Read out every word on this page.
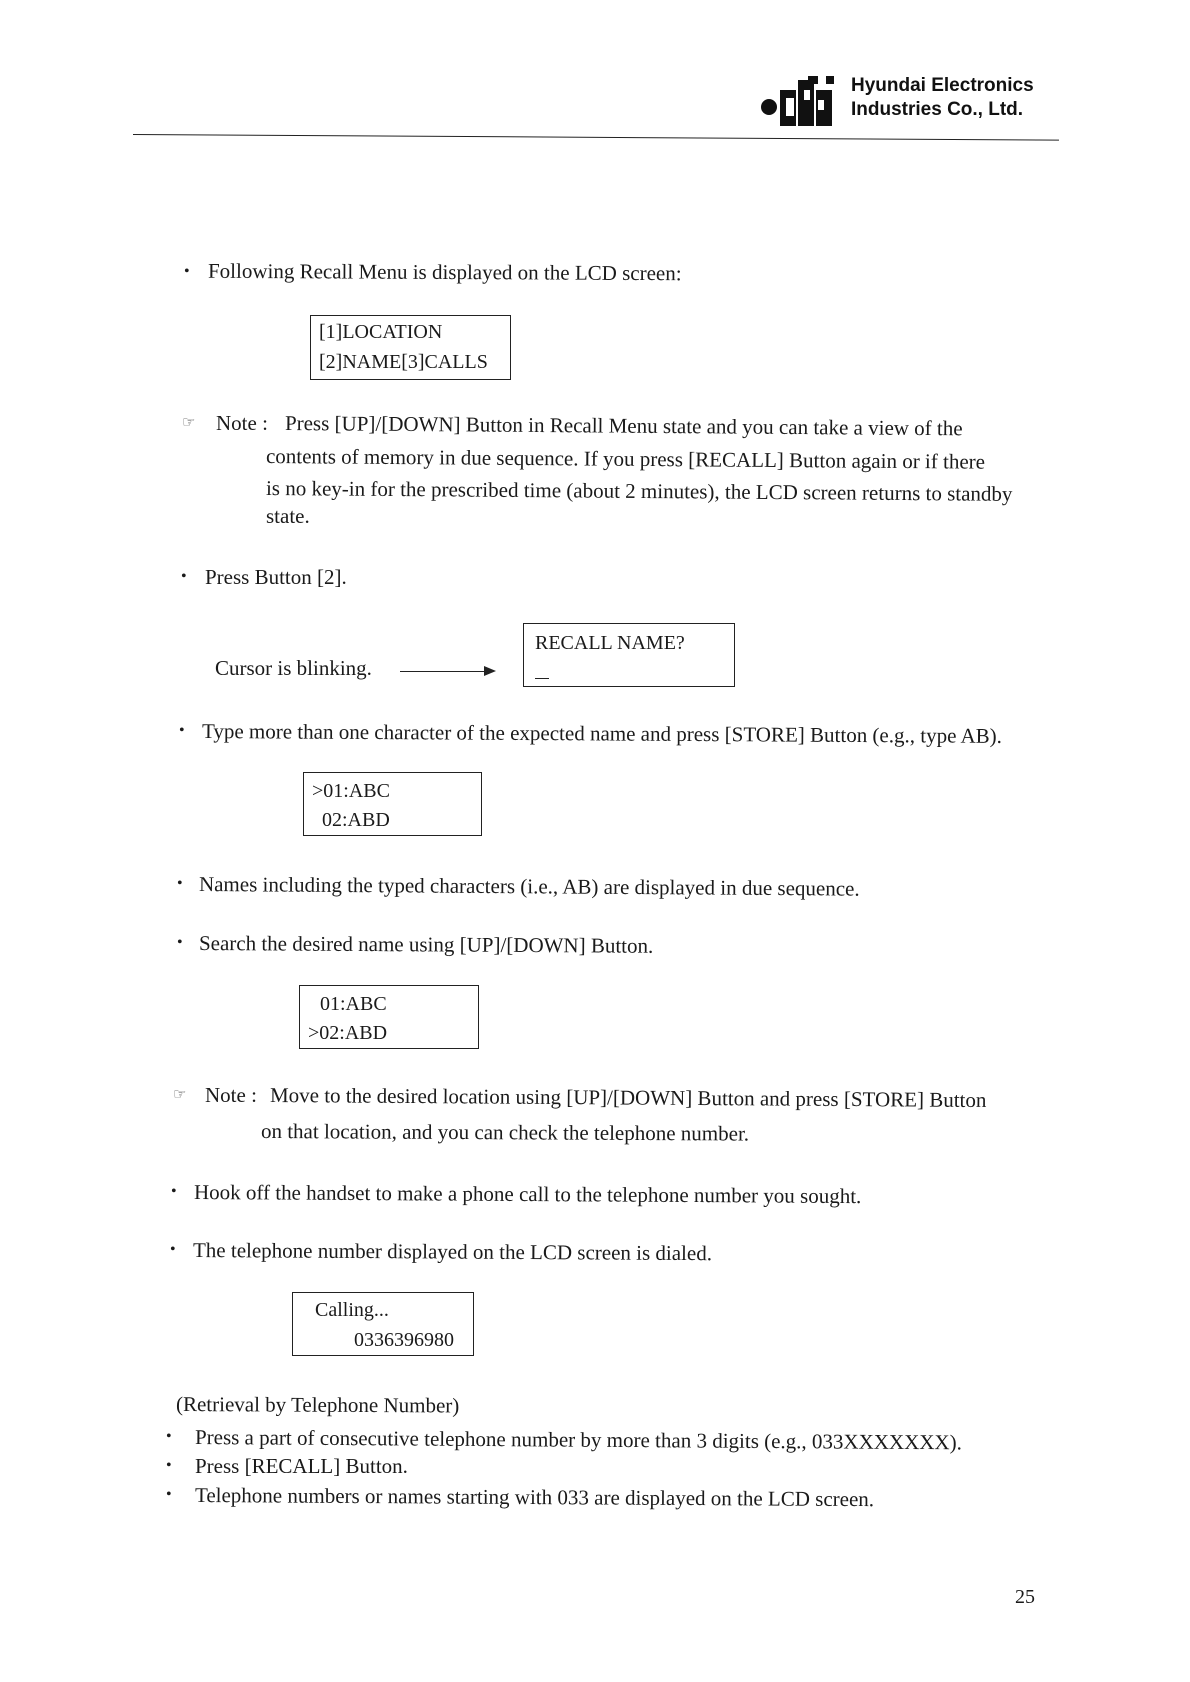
Hyundai Electronics
Industries Co., Ltd.
• Following Recall Menu is displayed on the LCD screen:
[1]LOCATION
[2]NAME[3]CALLS
☞ Note : Press [UP]/[DOWN] Button in Recall Menu state and you can take a view of the
contents of memory in due sequence. If you press [RECALL] Button again or if there
is no key-in for the prescribed time (about 2 minutes), the LCD screen returns to standby
state.
• Press Button [2].
Cursor is blinking.
RECALL NAME?
• Type more than one character of the expected name and press [STORE] Button (e.g., type AB).
>01:ABC
02:ABD
• Names including the typed characters (i.e., AB) are displayed in due sequence.
• Search the desired name using [UP]/[DOWN] Button.
01:ABC
>02:ABD
☞ Note : Move to the desired location using [UP]/[DOWN] Button and press [STORE] Button
on that location, and you can check the telephone number.
• Hook off the handset to make a phone call to the telephone number you sought.
• The telephone number displayed on the LCD screen is dialed.
Calling...
0336396980
(Retrieval by Telephone Number)
• Press a part of consecutive telephone number by more than 3 digits (e.g., 033XXXXXXX).
• Press [RECALL] Button.
• Telephone numbers or names starting with 033 are displayed on the LCD screen.
25
